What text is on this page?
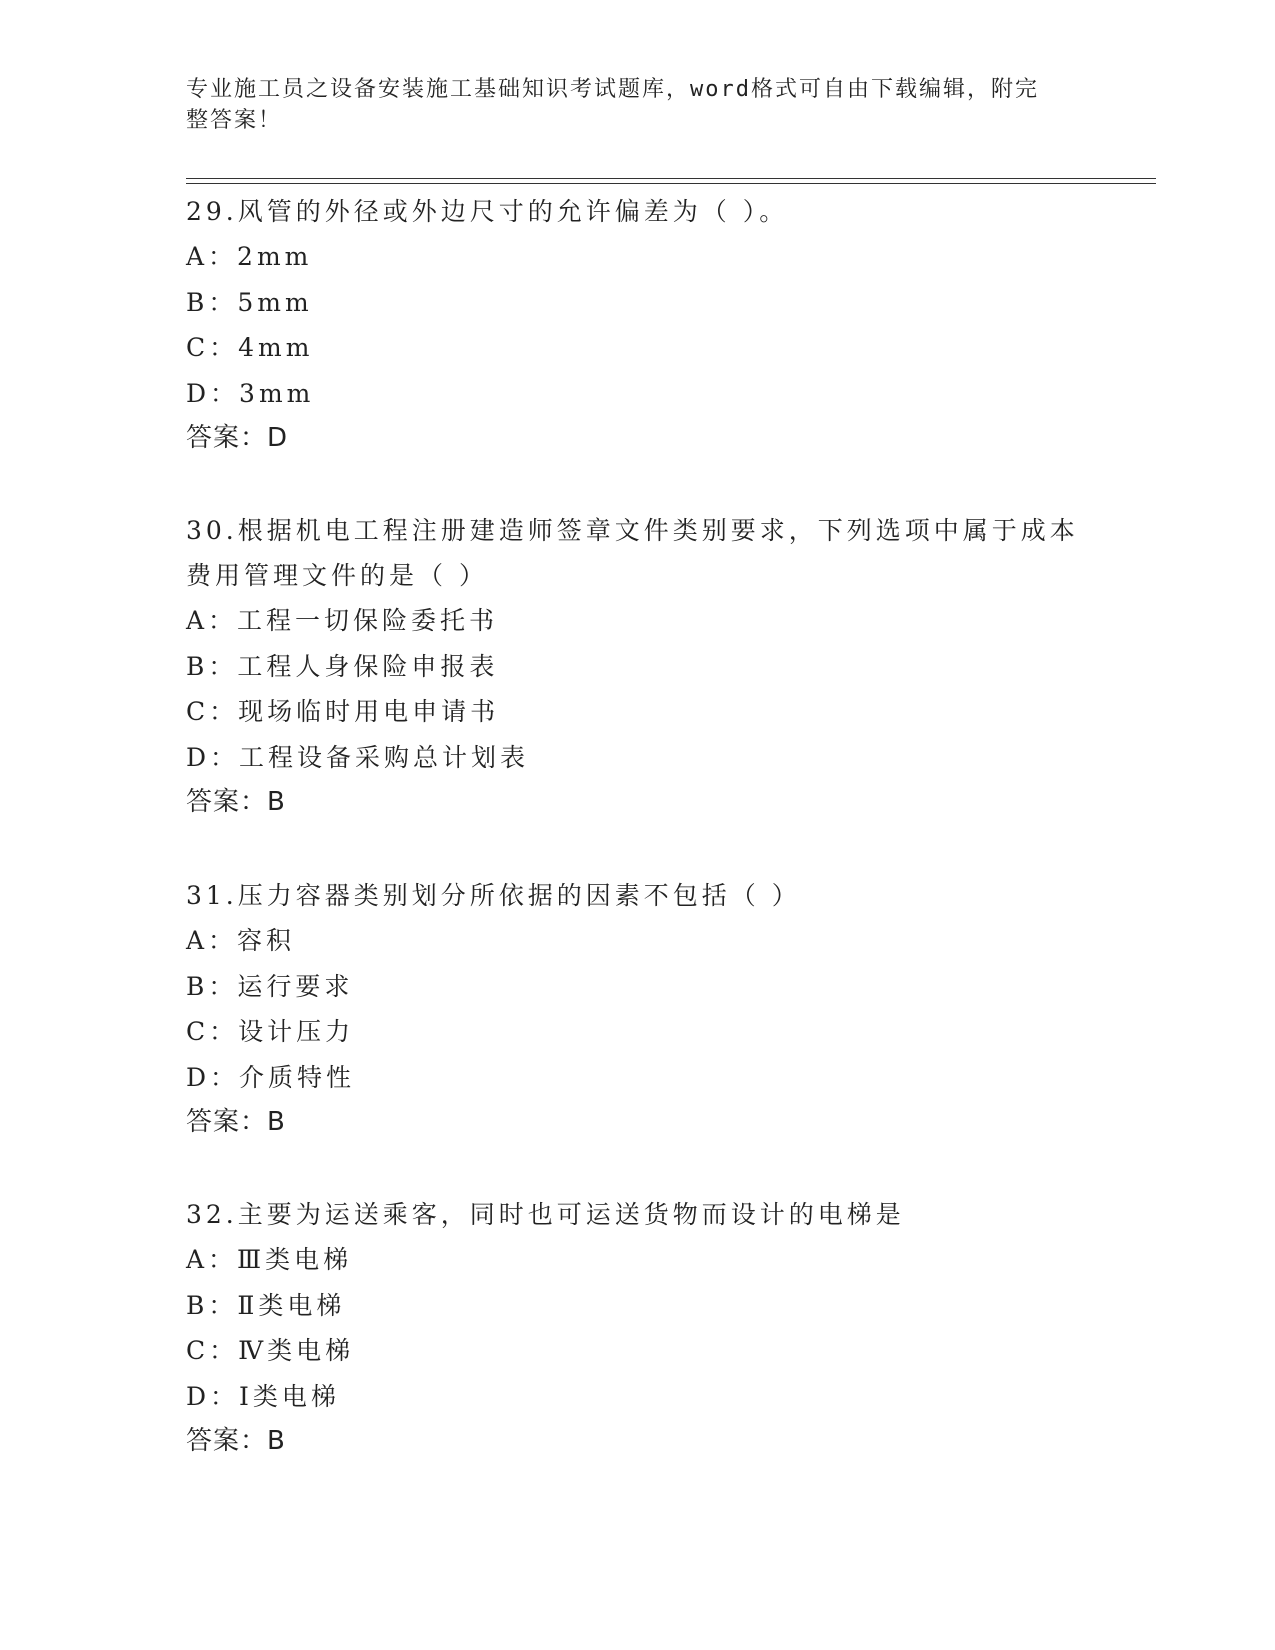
专业施工员之设备安装施工基础知识考试题库，word格式可自由下载编辑，附完
整答案！
29.风管的外径或外边尺寸的允许偏差为（ ）。
A：2mm
B：5mm
C：4mm
D：3mm
答案：D
30.根据机电工程注册建造师签章文件类别要求，下列选项中属于成本
费用管理文件的是（ ）
A：工程一切保险委托书
B：工程人身保险申报表
C：现场临时用电申请书
D：工程设备采购总计划表
答案：B
31.压力容器类别划分所依据的因素不包括（ ）
A：容积
B：运行要求
C：设计压力
D：介质特性
答案：B
32.主要为运送乘客，同时也可运送货物而设计的电梯是
A：Ⅲ类电梯
B：Ⅱ类电梯
C：Ⅳ类电梯
D：Ⅰ类电梯
答案：B
